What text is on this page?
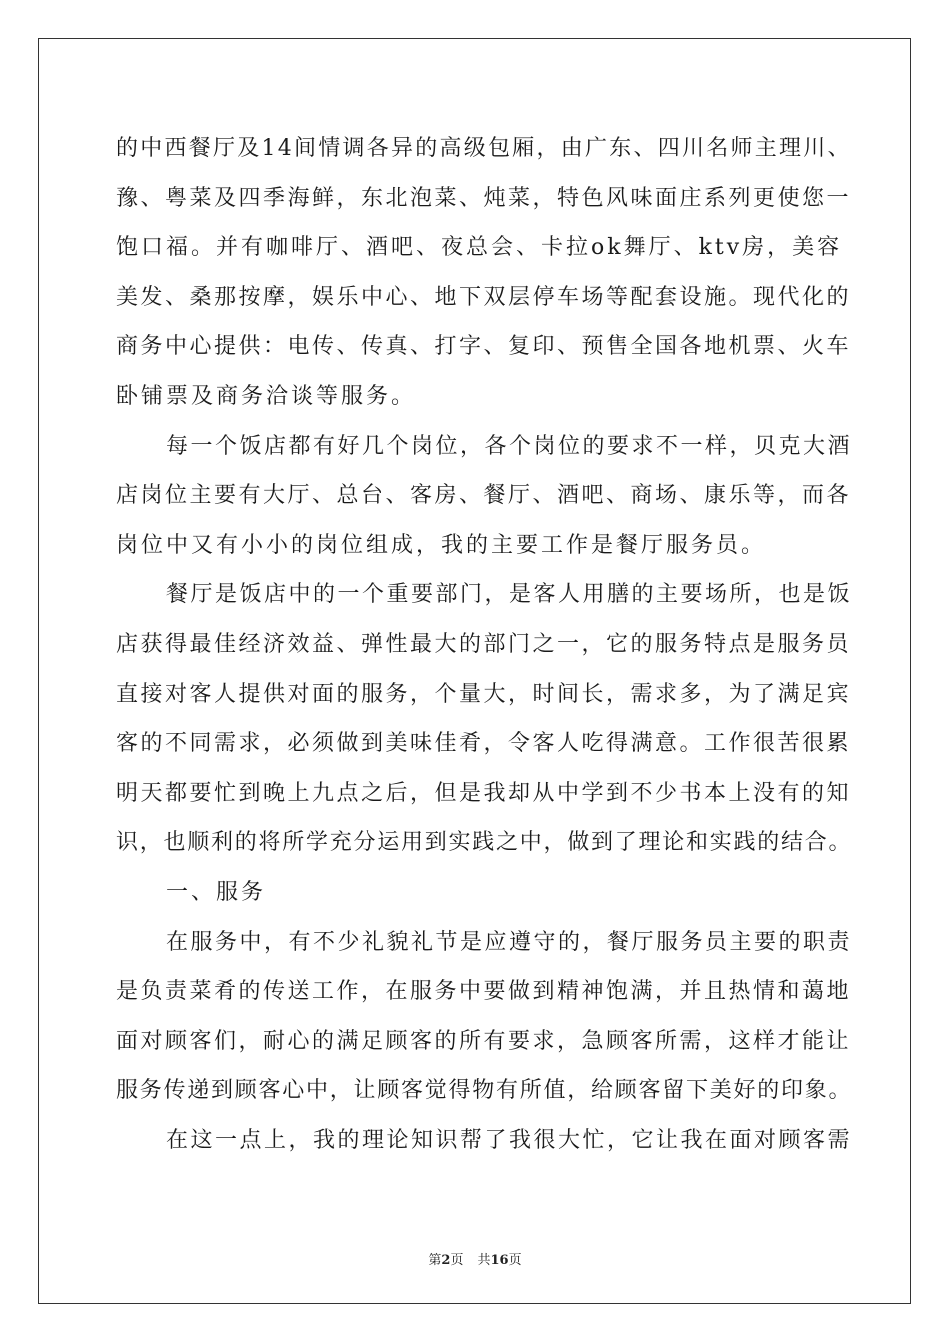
的中西餐厅及14间情调各异的高级包厢，由广东、四川名师主理川、
豫、粤菜及四季海鲜，东北泡菜、炖菜，特色风味面庄系列更使您一
饱口福。并有咖啡厅、酒吧、夜总会、卡拉ok舞厅、ktv房，美容
美发、桑那按摩，娱乐中心、地下双层停车场等配套设施。现代化的
商务中心提供：电传、传真、打字、复印、预售全国各地机票、火车
卧铺票及商务洽谈等服务。
每一个饭店都有好几个岗位，各个岗位的要求不一样，贝克大酒
店岗位主要有大厅、总台、客房、餐厅、酒吧、商场、康乐等，而各
岗位中又有小小的岗位组成，我的主要工作是餐厅服务员。
餐厅是饭店中的一个重要部门，是客人用膳的主要场所，也是饭
店获得最佳经济效益、弹性最大的部门之一，它的服务特点是服务员
直接对客人提供对面的服务，个量大，时间长，需求多，为了满足宾
客的不同需求，必须做到美味佳肴，令客人吃得满意。工作很苦很累
明天都要忙到晚上九点之后，但是我却从中学到不少书本上没有的知
识，也顺利的将所学充分运用到实践之中，做到了理论和实践的结合。
一、服务
在服务中，有不少礼貌礼节是应遵守的，餐厅服务员主要的职责
是负责菜肴的传送工作，在服务中要做到精神饱满，并且热情和蔼地
面对顾客们，耐心的满足顾客的所有要求，急顾客所需，这样才能让
服务传递到顾客心中，让顾客觉得物有所值，给顾客留下美好的印象。
在这一点上，我的理论知识帮了我很大忙，它让我在面对顾客需
第2页 共16页
